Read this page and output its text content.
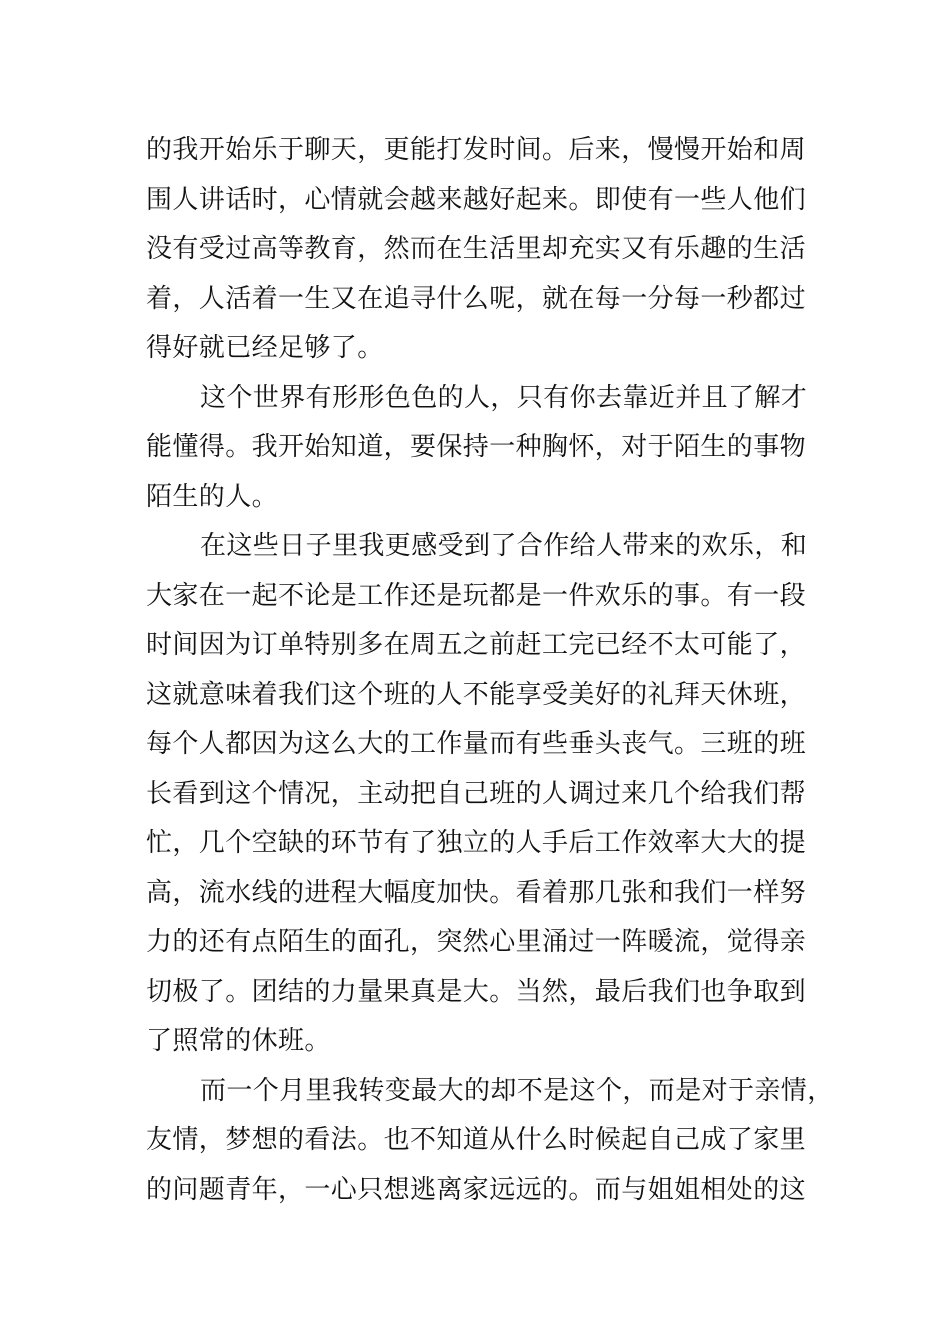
的我开始乐于聊天，更能打发时间。后来，慢慢开始和周
围人讲话时，心情就会越来越好起来。即使有一些人他们
没有受过高等教育，然而在生活里却充实又有乐趣的生活
着，人活着一生又在追寻什么呢，就在每一分每一秒都过
得好就已经足够了。
这个世界有形形色色的人，只有你去靠近并且了解才
能懂得。我开始知道，要保持一种胸怀，对于陌生的事物
陌生的人。
在这些日子里我更感受到了合作给人带来的欢乐，和
大家在一起不论是工作还是玩都是一件欢乐的事。有一段
时间因为订单特别多在周五之前赶工完已经不太可能了，
这就意味着我们这个班的人不能享受美好的礼拜天休班，
每个人都因为这么大的工作量而有些垂头丧气。三班的班
长看到这个情况，主动把自己班的人调过来几个给我们帮
忙，几个空缺的环节有了独立的人手后工作效率大大的提
高，流水线的进程大幅度加快。看着那几张和我们一样努
力的还有点陌生的面孔，突然心里涌过一阵暖流，觉得亲
切极了。团结的力量果真是大。当然，最后我们也争取到
了照常的休班。
而一个月里我转变最大的却不是这个，而是对于亲情，
友情，梦想的看法。也不知道从什么时候起自己成了家里
的问题青年，一心只想逃离家远远的。而与姐姐相处的这
